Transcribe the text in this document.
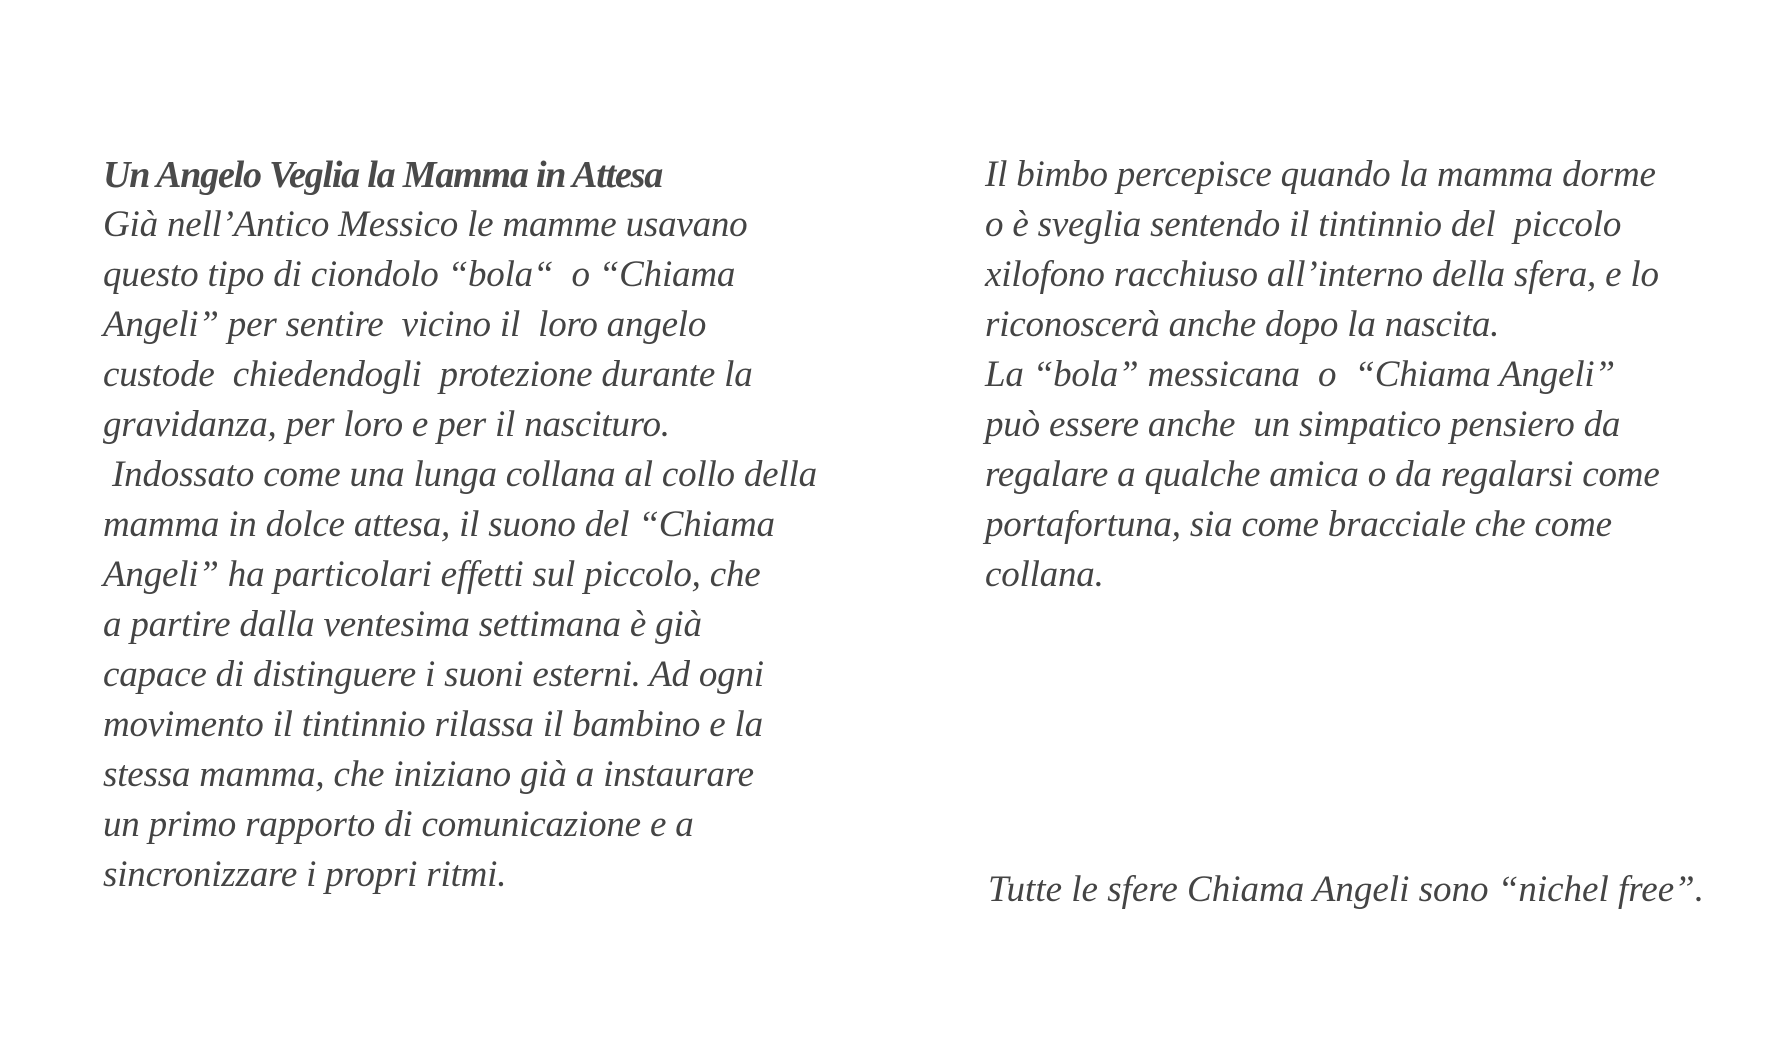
Un Angelo Veglia la Mamma in Attesa
Già nell’Antico Messico le mamme usavano
questo tipo di ciondolo “bola“  o “Chiama
Angeli” per sentire  vicino il  loro angelo
custode  chiedendogli  protezione durante la
gravidanza, per loro e per il nascituro.
Indossato come una lunga collana al collo della
mamma in dolce attesa, il suono del “Chiama
Angeli” ha particolari effetti sul piccolo, che
a partire dalla ventesima settimana è già
capace di distinguere i suoni esterni. Ad ogni
movimento il tintinnio rilassa il bambino e la
stessa mamma, che iniziano già a instaurare
un primo rapporto di comunicazione e a
sincronizzare i propri ritmi.
Il bimbo percepisce quando la mamma dorme
o è sveglia sentendo il tintinnio del  piccolo
xilofono racchiuso all’interno della sfera, e lo
riconoscerà anche dopo la nascita.
La “bola” messicana  o  “Chiama Angeli”
può essere anche  un simpatico pensiero da
regalare a qualche amica o da regalarsi come
portafortuna, sia come bracciale che come
collana.
Tutte le sfere Chiama Angeli sono “nichel free”.
